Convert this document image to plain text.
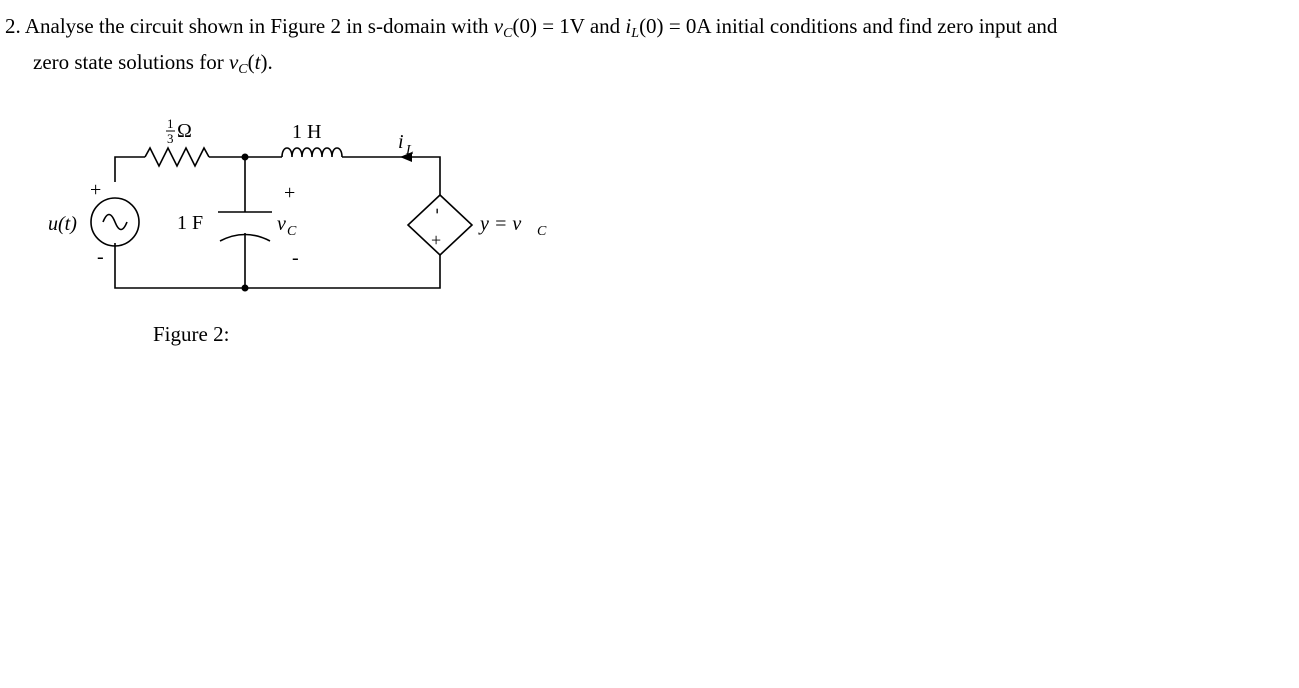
2. Analyse the circuit shown in Figure 2 in s-domain with $v_C(0) = 1V$ and $i_L(0) = 0A$ initial conditions and find zero input and
zero state solutions for $v_C(t)$.
1
3 Ω	1 H	i L
1 F
+
v C
-
u(t)
+
-
-
+
y = v C
Figure 2:
